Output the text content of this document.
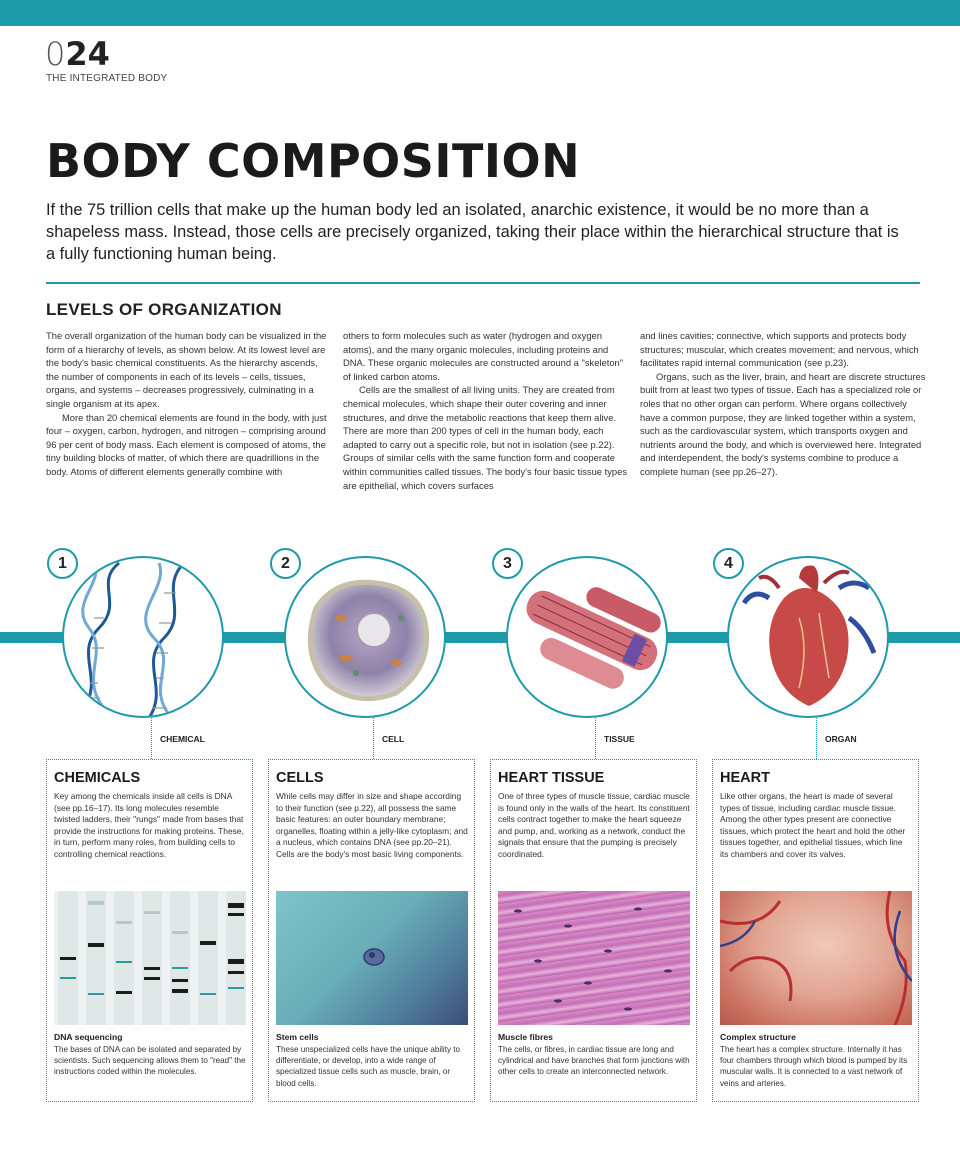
024
THE INTEGRATED BODY
BODY COMPOSITION

If the 75 trillion cells that make up the human body led an isolated, anarchic existence, it would be no more than a shapeless mass. Instead, those cells are precisely organized, taking their place within the hierarchical structure that is a fully functioning human being.

LEVELS OF ORGANIZATION

The overall organization of the human body can be visualized in the form of a hierarchy of levels, as shown below. At its lowest level are the body's basic chemical constituents. As the hierarchy ascends, the number of components in each of its levels – cells, tissues, organs, and systems – decreases progressively, culminating in a single organism at its apex.

More than 20 chemical elements are found in the body, with just four – oxygen, carbon, hydrogen, and nitrogen – comprising around 96 per cent of body mass. Each element is composed of atoms, the tiny building blocks of matter, of which there are quadrillions in the body. Atoms of different elements generally combine with

others to form molecules such as water (hydrogen and oxygen atoms), and the many organic molecules, including proteins and DNA. These organic molecules are constructed around a "skeleton" of linked carbon atoms.

Cells are the smallest of all living units. They are created from chemical molecules, which shape their outer covering and inner structures, and drive the metabolic reactions that keep them alive. There are more than 200 types of cell in the human body, each adapted to carry out a specific role, but not in isolation (see p.22). Groups of similar cells with the same function form and cooperate within communities called tissues. The body's four basic tissue types are epithelial, which covers surfaces

and lines cavities; connective, which supports and protects body structures; muscular, which creates movement; and nervous, which facilitates rapid internal communication (see p.23).

Organs, such as the liver, brain, and heart are discrete structures built from at least two types of tissue. Each has a specialized role or roles that no other organ can perform. Where organs collectively have a common purpose, they are linked together within a system, such as the cardiovascular system, which transports oxygen and nutrients around the body, and which is overviewed here. Integrated and interdependent, the body's systems combine to produce a complete human (see pp.26–27).

1
CHEMICAL
2
CELL
3
TISSUE
4
ORGAN
CHEMICALS

Key among the chemicals inside all cells is DNA (see pp.16–17). Its long molecules resemble twisted ladders, their "rungs" made from bases that provide the instructions for making proteins. These, in turn, perform many roles, from building cells to controlling chemical reactions.

DNA sequencing

The bases of DNA can be isolated and separated by scientists. Such sequencing allows them to "read" the instructions coded within the molecules.

CELLS

While cells may differ in size and shape according to their function (see p.22), all possess the same basic features: an outer boundary membrane; organelles, floating within a jelly-like cytoplasm; and a nucleus, which contains DNA (see pp.20–21). Cells are the body's most basic living components.

Stem cells

These unspecialized cells have the unique ability to differentiate, or develop, into a wide range of specialized tissue cells such as muscle, brain, or blood cells.

HEART TISSUE

One of three types of muscle tissue, cardiac muscle is found only in the walls of the heart. Its constituent cells contract together to make the heart squeeze and pump, and, working as a network, conduct the signals that ensure that the pumping is precisely coordinated.

Muscle fibres

The cells, or fibres, in cardiac tissue are long and cylindrical and have branches that form junctions with other cells to create an interconnected network.

HEART

Like other organs, the heart is made of several types of tissue, including cardiac muscle tissue. Among the other types present are connective tissues, which protect the heart and hold the other tissues together, and epithelial tissues, which line its chambers and cover its valves.

Complex structure

The heart has a complex structure. Internally it has four chambers through which blood is pumped by its muscular walls. It is connected to a vast network of veins and arteries.
